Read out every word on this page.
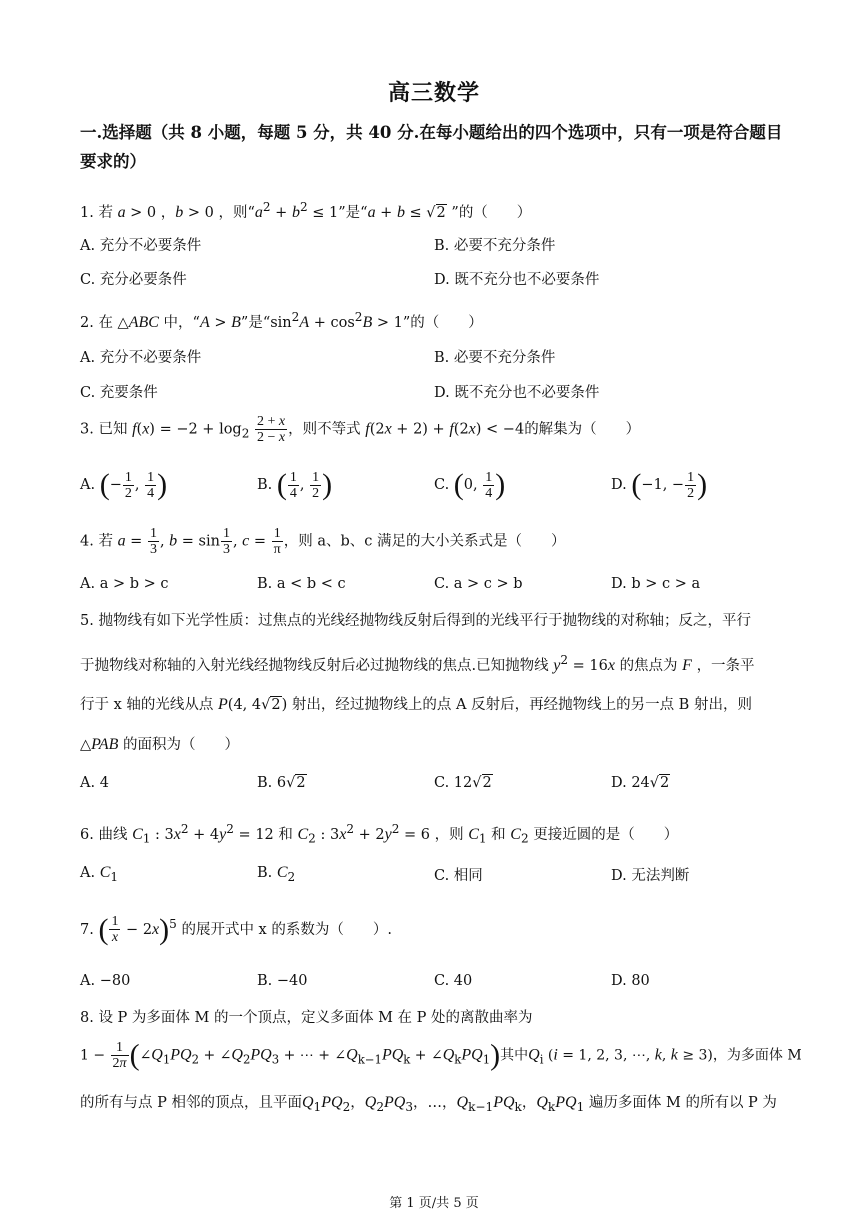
高三数学
一.选择题（共 8 小题，每题 5 分，共 40 分.在每小题给出的四个选项中，只有一项是符合题目要求的）
1. 若 a > 0 ，b > 0 ，则“$a^2 + b^2 \le 1$”是“a + b ≤ √2 ”的（　　）
A. 充分不必要条件	B. 必要不充分条件
C. 充分必要条件	D. 既不充分也不必要条件
2. 在 △ABC 中，“A > B”是“$\sin^2A + \cos^2B > 1$”的（　　）
A. 充分不必要条件	B. 必要不充分条件
C. 充要条件	D. 既不充分也不必要条件
3. 已知 $f(x) = -2 + \log_2 \frac{2 + x}{2 - x}$ ，则不等式 f(2x + 2) + f(2x) < −4的解集为（　　）
A. (− $\frac{1}{2}$ , $\frac{1}{4}$ )	B. ( $\frac{1}{4}$ , $\frac{1}{2}$ )	C. (0, $\frac{1}{4}$ )	D. (−1, − $\frac{1}{2}$ )
4. 若 $a = \frac{1}{3}$ , $b = \sin \frac{1}{3}$ , $c = \frac{1}{\pi}$ ，则 a、b、c 满足的大小关系式是（　　）
A. a > b > c	B. a < b < c	C. a > c > b	D. b > c > a
5. 抛物线有如下光学性质：过焦点的光线经抛物线反射后得到的光线平行于抛物线的对称轴；反之，平行
于抛物线对称轴的入射光线经抛物线反射后必过抛物线的焦点.已知抛物线 $y^2 = 16x$ 的焦点为 F ，一条平
行于 x 轴的光线从点 P(4, 4√2) 射出，经过抛物线上的点 A 反射后，再经抛物线上的另一点 B 射出，则
△PAB 的面积为（　　）
A. 4	B. 6√2	C. 12√2	D. 24√2
6. 曲线 $C_1$ : $3x^2 + 4y^2 = 12$ 和 $C_2$ : $3x^2 + 2y^2 = 6$ ，则 $C_1$ 和 $C_2$ 更接近圆的是（　　）
A. $C_1$	B. $C_2$	C. 相同	D. 无法判断
7. ( $\frac{1}{x} - 2x)^5$ 的展开式中 x 的系数为（　　）.
A. −80	B. −40	C. 40	D. 80
8. 设 P 为多面体 M 的一个顶点，定义多面体 M 在 P 处的离散曲率为
$1 - \frac{1}{2\pi}$ ($\angle Q_1PQ_2$ + $\angle Q_2PQ_3$ + ⋯ + $\angle Q_{k-1}PQ_k$ + $\angle Q_kPQ_1$)其中$Q_i$ (i = 1, 2, 3, ⋯, k, k ≥ 3)，为多面体 M
的所有与点 P 相邻的顶点，且平面$Q_1PQ_2$，$Q_2PQ_3$，…，$Q_{k-1}PQ_k$，$Q_kPQ_1$ 遍历多面体 M 的所有以 P 为
第 1 页/共 5 页
